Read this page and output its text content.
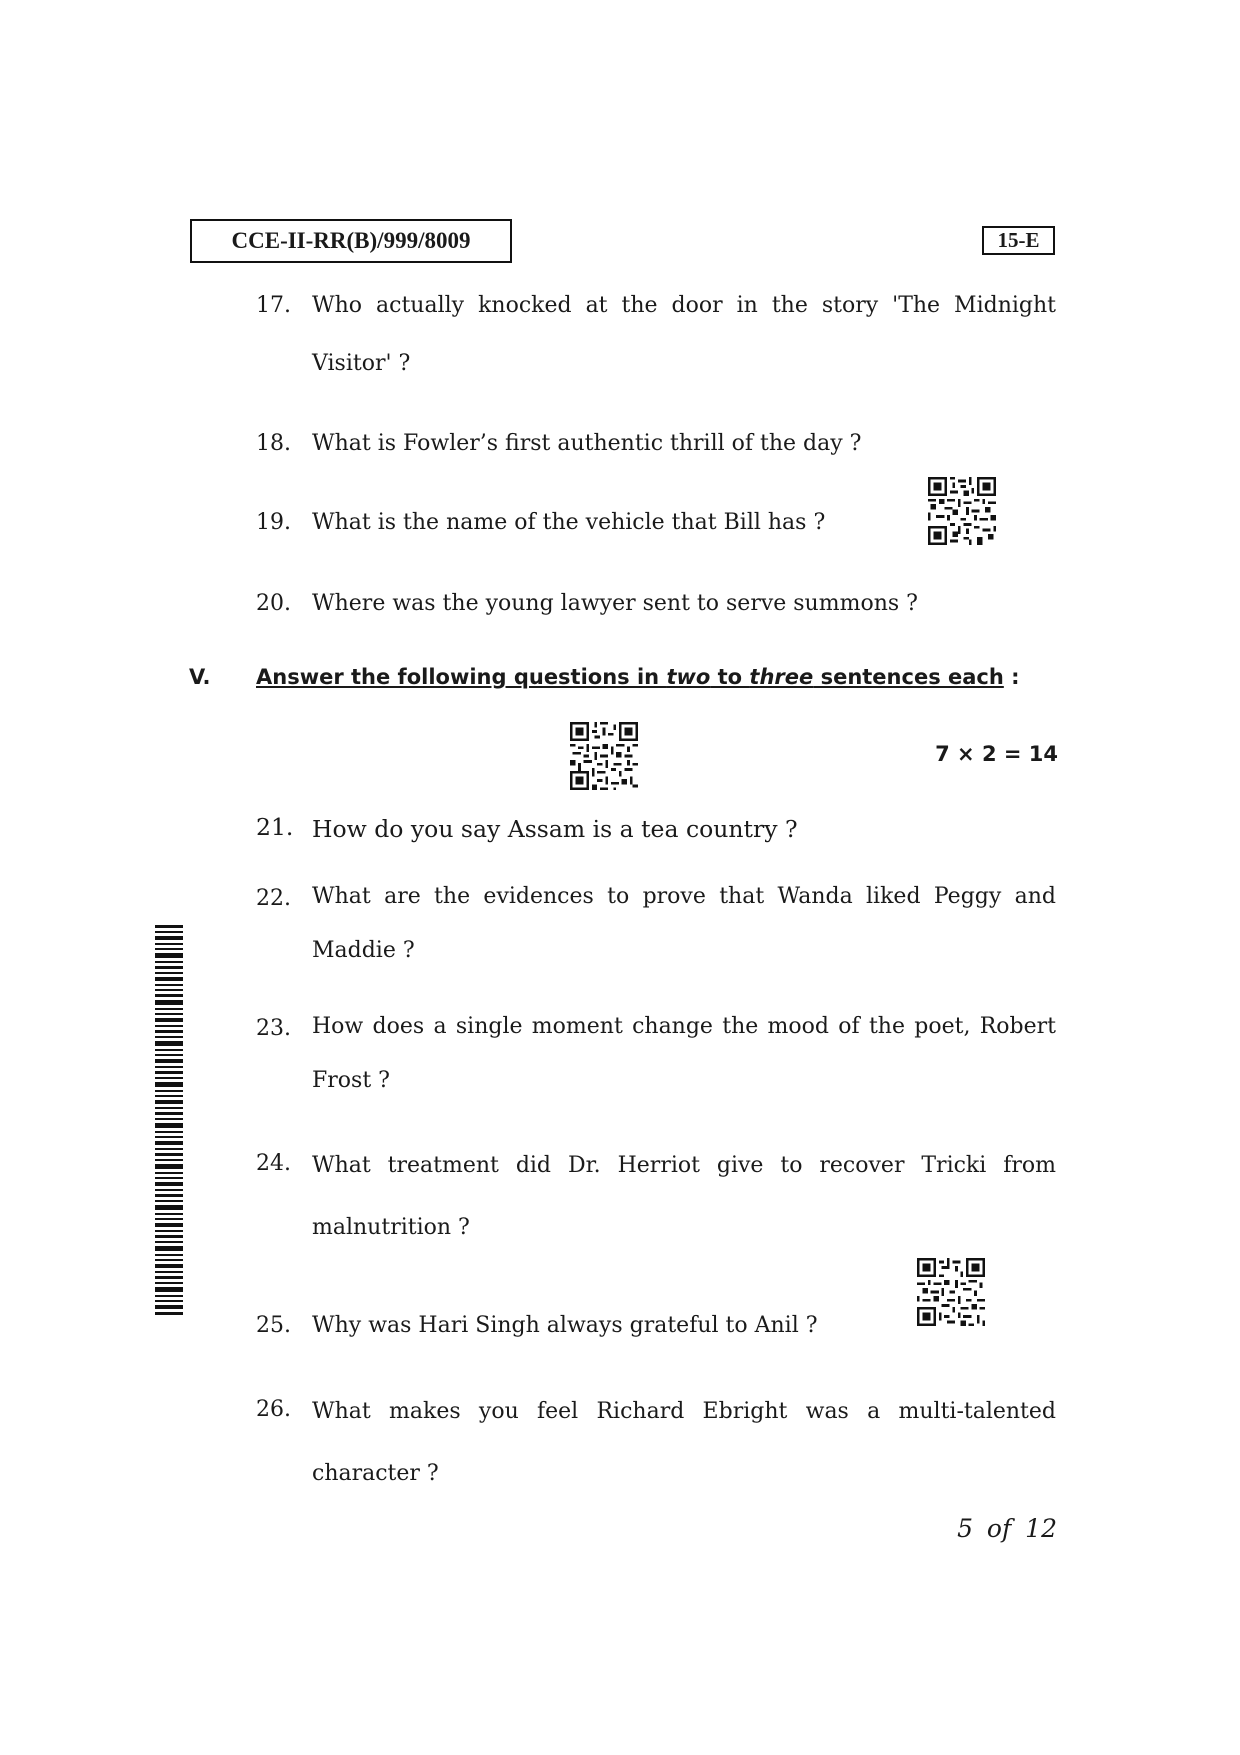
CCE-II-RR(B)/999/8009	15-E
17. Who actually knocked at the door in the story 'The Midnight Visitor' ?
18. What is Fowler’s first authentic thrill of the day ?
19. What is the name of the vehicle that Bill has ?
20. Where was the young lawyer sent to serve summons ?
V. Answer the following questions in two to three sentences each :
7 × 2 = 14
21. How do you say Assam is a tea country ?
22. What are the evidences to prove that Wanda liked Peggy and Maddie ?
23. How does a single moment change the mood of the poet, Robert Frost ?
24. What treatment did Dr. Herriot give to recover Tricki from malnutrition ?
25. Why was Hari Singh always grateful to Anil ?
26. What makes you feel Richard Ebright was a multi-talented character ?
5 of 12
